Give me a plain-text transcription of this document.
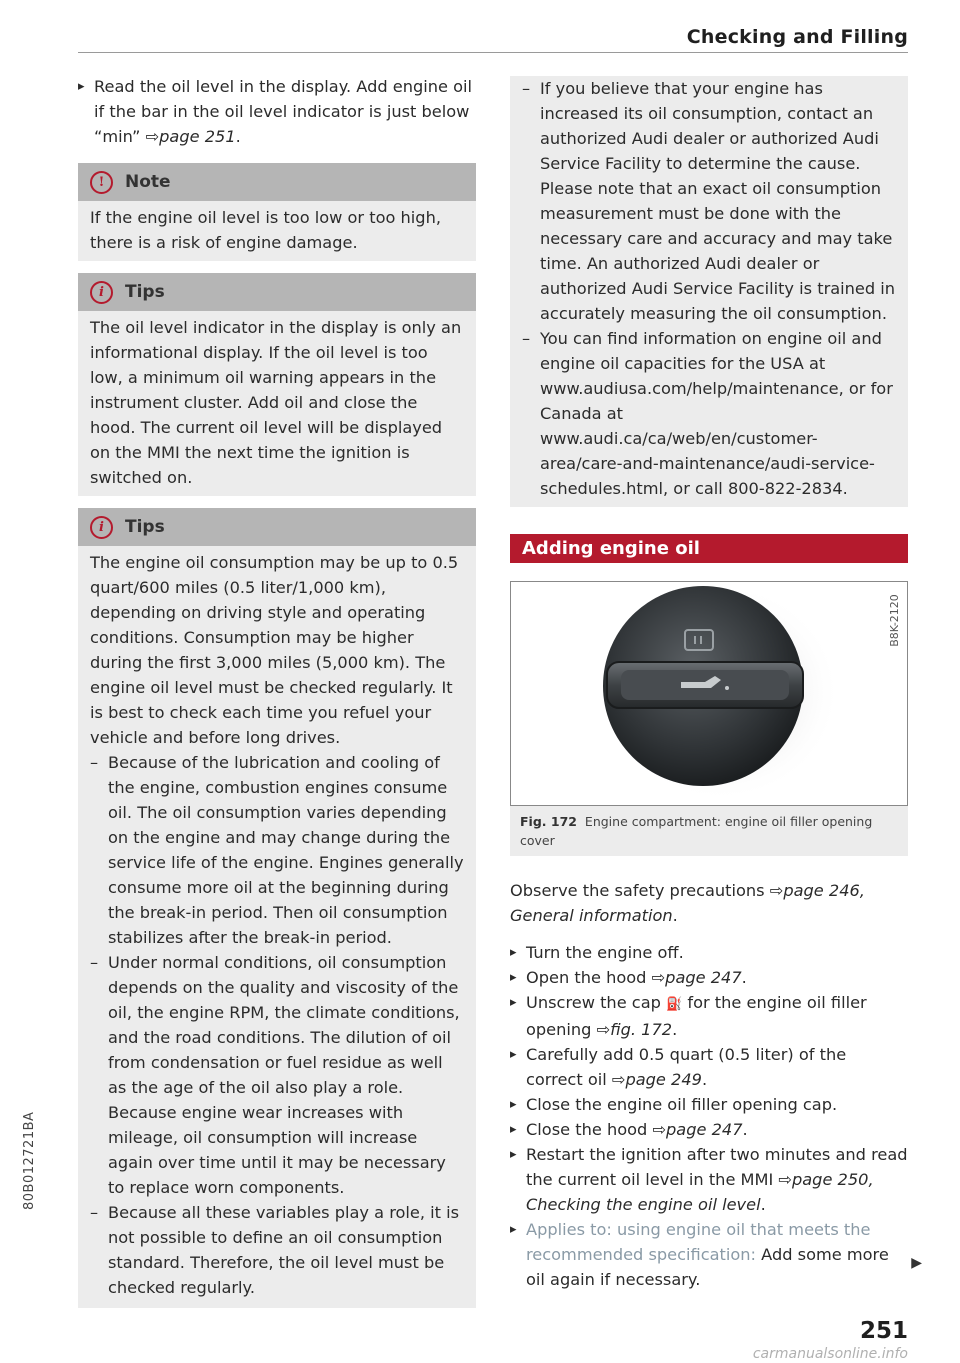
Checking and Filling

▸ Read the oil level in the display. Add engine oil if the bar in the oil level indicator is just below “min” ⇨page 251.

!	Note

If the engine oil level is too low or too high, there is a risk of engine damage.

i	Tips

The oil level indicator in the display is only an informational display. If the oil level is too low, a minimum oil warning appears in the instrument cluster. Add oil and close the hood. The current oil level will be displayed on the MMI the next time the ignition is switched on.

i	Tips

The engine oil consumption may be up to 0.5 quart/600 miles (0.5 liter/1,000 km), depending on driving style and operating conditions. Consumption may be higher during the first 3,000 miles (5,000 km). The engine oil level must be checked regularly. It is best to check each time you refuel your vehicle and before long drives.

– Because of the lubrication and cooling of the engine, combustion engines consume oil. The oil consumption varies depending on the engine and may change during the service life of the engine. Engines generally consume more oil at the beginning during the break-in period. Then oil consumption stabilizes after the break-in period.
– Under normal conditions, oil consumption depends on the quality and viscosity of the oil, the engine RPM, the climate conditions, and the road conditions. The dilution of oil from condensation or fuel residue as well as the age of the oil also play a role. Because engine wear increases with mileage, oil consumption will increase again over time until it may be necessary to replace worn components.
– Because all these variables play a role, it is not possible to define an oil consumption standard. Therefore, the oil level must be checked regularly.
– If you believe that your engine has increased its oil consumption, contact an authorized Audi dealer or authorized Audi Service Facility to determine the cause. Please note that an exact oil consumption measurement must be done with the necessary care and accuracy and may take time. An authorized Audi dealer or authorized Audi Service Facility is trained in accurately measuring the oil consumption.
– You can find information on engine oil and engine oil capacities for the USA at www.audiusa.com/help/maintenance, or for Canada at www.audi.ca/ca/web/en/customer-area/care-and-maintenance/audi-service-schedules.html, or call 800-822-2834.
Adding engine oil
B8K-2120
Fig. 172 Engine compartment: engine oil filler opening cover

Observe the safety precautions ⇨page 246, General information.

▸ Turn the engine off.
▸ Open the hood ⇨page 247.
▸ Unscrew the cap ⛽ for the engine oil filler opening ⇨fig. 172.
▸ Carefully add 0.5 quart (0.5 liter) of the correct oil ⇨page 249.
▸ Close the engine oil filler opening cap.
▸ Close the hood ⇨page 247.
▸ Restart the ignition after two minutes and read the current oil level in the MMI ⇨page 250, Checking the engine oil level.
▸ Applies to: using engine oil that meets the recommended specification: Add some more oil again if necessary.
▶
251
80B012721BA
carmanualsonline.info
